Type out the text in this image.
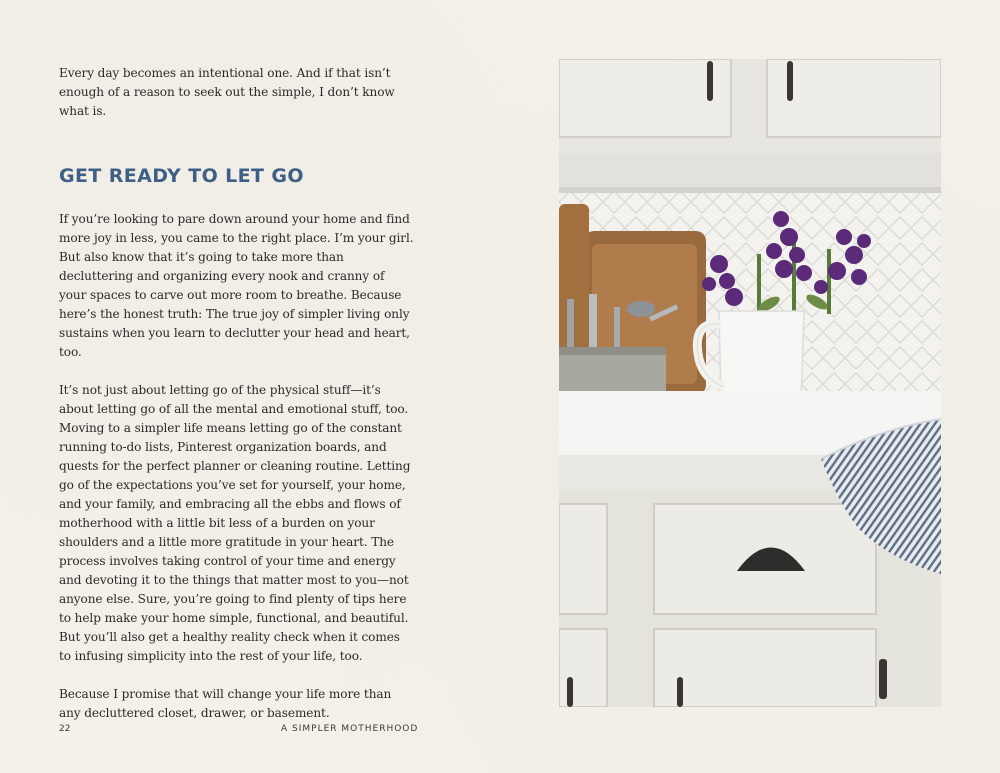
Every day becomes an intentional one. And if that isn’t enough of a reason to seek out the simple, I don’t know what is.

GET READY TO LET GO

If you’re looking to pare down around your home and find more joy in less, you came to the right place. I’m your girl. But also know that it’s going to take more than decluttering and organizing every nook and cranny of your spaces to carve out more room to breathe. Because here’s the honest truth: The true joy of simpler living only sustains when you learn to declutter your head and heart, too.

It’s not just about letting go of the physical stuff—it’s about letting go of all the mental and emotional stuff, too. Moving to a simpler life means letting go of the constant running to-do lists, Pinterest organization boards, and quests for the perfect planner or cleaning routine. Letting go of the expectations you’ve set for yourself, your home, and your family, and embracing all the ebbs and flows of motherhood with a little bit less of a burden on your shoulders and a little more gratitude in your heart. The process involves taking control of your time and energy and devoting it to the things that matter most to you—not anyone else. Sure, you’re going to find plenty of tips here to help make your home simple, functional, and beautiful. But you’ll also get a healthy reality check when it comes to infusing simplicity into the rest of your life, too.

Because I promise that will change your life more than any decluttered closet, drawer, or basement.

22	A SIMPLER MOTHERHOOD
